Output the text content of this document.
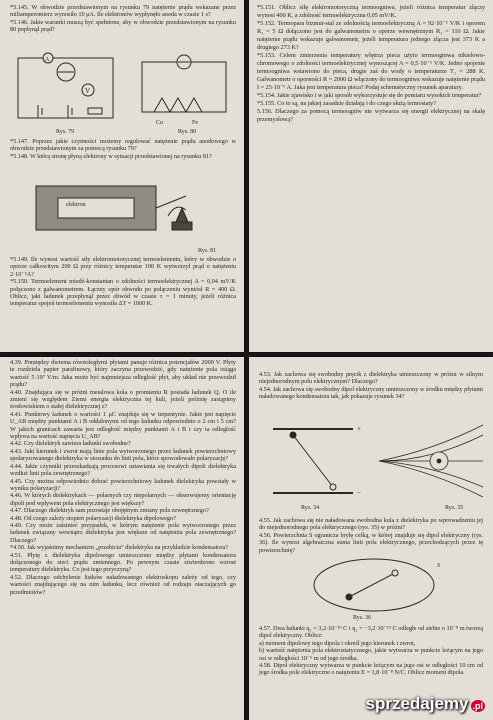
*5.145. W obwodzie przedstawionym na rysunku 79 natężenie prądu wskazane przez miliamperomierz wynosiło 10 μA. Ile elektronów wypłynęło anoda w czasie 1 s?

*5.146. Jakie warunki muszą być spełnione, aby w obwodzie przedstawionym na rysunku 80 popłynął prąd?

V
A
Rys. 79
Cu	Fe
Rys. 80

*5.147. Poprzez jakie czynności możemy regulować natężenie prądu anodowego w obwodzie przedstawionym za pomocą rysunku 79?

*5.148. W którą stronę płyną elektrony w sytuacji przedstawionej na rysunku 81?

elektron
Rys. 81

*5.149. Ile wynosi wartość siły elektromotorycznej termoelementu, który w obwodzie o oporze całkowitym 200 Ω przy różnicy temperatur 100 K wytworzył prąd o natężeniu 2·10⁻⁵A?

*5.150. Termoelement miedź-konstantan o zdolności termoelektrycznej A = 0,04 mV/K połączono z galwanometrem. Łączny opór obwodu po połączeniu wyniósł R = 400 Ω. Oblicz, jaki ładunek przepłynął przez obwód w czasie τ = 1 minuty, jeżeli różnica temperatur spojeń termoelementu wynosiła ΔT = 1000 K.

*5.151. Oblicz siłę elektromotoryczną termoogniwa, jeżeli różnica temperatur złączy wynosi 400 K, a zdolność termoelektryczna 0,05 mV/K.

*5.152. Termopara bizmut-stal ze zdolnością termoelektryczną A = 92·10⁻⁶ V/K i oporem R₁ = 5 Ω dołączono jest do galwanometru o oporze wewnętrznym R₂ = 110 Ω. Jakie natężenie prądu wskazuje galwanometr, jeżeli temperatura jednego złącza jest 373 K a drugiego 273 K?

*5.153. Celem zmierzenia temperatury wlętrza pieca użyto termoogniwa nikielowo-chromowego o zdolności termoelektrycznej wynoszącej A = 0,5·10⁻⁶ V/K. Jedno spojenie termoogniwa wstawiono do pieca, drugie zaś do wody o temperaturze T₂ = 288 K. Galwanometr o oporności R = 2000 Ω włączony do termoogniwa wskazuje natężenie prądu I = 25·10⁻⁶ A. Jaka jest temperatura pieca? Podaj schematyczny rysunek aparatury.

*5.154. Jakie zjawisko i w jaki sposób wykorzystuje się do pomiaru wysokich temperatur?

*5.155. Co to są, na jakiej zasadzie działają i do czego służą termostaty?

5.156. Dlaczego za pomocą termoogniw nie wytwarza się energii elektrycznej na skalę przemysłową?

4.39. Pomiędzy dwiema równoległymi płytami panuje różnica potencjałów 2000 V. Płyty te rozdziela papier parafinowy, który zaczyna przewodzić, gdy natężenie pola osiąga wartość 5·10⁷ V/m. Jaka może być najmniejsza odległość płyt, aby układ nie przewodził prądu?

4.40. Znajdująca się w próżni metalowa kula o promieniu R posiada ładunek Q. O ile zmieni się względem Ziemi energia elektryczna tej kuli, jeżeli próżnię zastąpimy środowiskiem o stałej dielektrycznej ε?

4.41. Punktowy ładunek o wartości 1 μC znajduje się w terpentynie. Jakie jest napięcie U_AB między punktami A i B oddalonymi od tego ładunku odpowiednio o 2 cm i 5 cm? W jakich granicach zawarta jest odległość między punktami A i B i czy ta odległość wpływa na wartość napięcia U_AB?

4.42. Czy dielektryk zawiera ładunki swobodne?

4.43. Jaki kierunek i zwrot mają linie pola wytworzonego przez ładunek powierzchniowy spolaryzowanego dielektryka w stosunku do linii pola, które spowodowało polaryzację?

4.44. Jakie czynniki przeszkadzają procesowi ustawiania się trwałych dipoli dielektryka wzdłuż linii pola zewnętrznego?

4.45. Czy można odpowiednio dobrać powierzchniowy ładunek dielektryka powstały w wyniku polaryzacji?

4.46. W których dielektrykach — polarnych czy niepolarnych — obserwujemy orientację dipoli pod wpływem pola elektrycznego jest większy?

4.47. Dlaczego dielektryk sam pozostaje obojętnym zmiany pola zewnętrznego?

4.48. Od czego zależy stopień polaryzacji dielektryka dipolowego?

4.49. Czy może zaistnieć przypadek, w którym natężenie pola wytworzonego przez ładunek związany wewnątrz dielektryka jest większe od natężenia pola zewnętrznego? Dlaczego?

*4.50. Jak wyjaśnimy mechanizm „przebicia” dielektryka na przykładzie kondensatora?

4.51. Płytę z dielektryka dipolowego umieszczono między płytami kondensatora dołączonego do sieci prądu zmiennego. Po pewnym czasie stwierdzono wzrost temperatury dielektryka. Co jest tego przyczyną?

4.52. Dlaczego odchylenie listków naładowanego elektroskopu zależy od tego, czy wartości znajdującego się na nim ładunku, lecz również od rodzaju otaczających go przedmiotów?

4.53. Jak zachowa się swobodny pręcik z dielektryka umieszczony w próżni w silnym niejednorodnym polu elektrycznym? Dlaczego?

4.54. Jak zachowa się swobodny dipol elektryczny umieszczony w środku między płytami naładowanego kondensatora tak, jak pokazuje rysunek 34?

+
−
Rys. 34	Rys. 35

4.55. Jak zachowa się nie naładowana swobodna kula z dielektryka po wprowadzeniu jej do niejednorodnego pola elektrycznego (rys. 35) w próżni?

4.56. Powierzchnia S ogranicza bryłę celką, w której znajduje się dipol elektryczny (rys. 36). Ile wynosi algebraiczna suma linii pola elektrycznego, przechodzących przez tę powierzchnię?

S
Rys. 36

4.57. Dwa ładunki q₁ = 3,2·10⁻¹⁹ C i q₂ = −3,2·10⁻¹⁹ C odległe od siebie o 10⁻⁸ m tworzą dipol elektryczny. Oblicz:

a) moment dipolowy tego dipola i określ jego kierunek i zwrot,

b) wartość natężenia pola elektrostatycznego, jakie wytwarza w punkcie leżącym na jego osi w odległości 10⁻⁶ m od jego środka.

4.58. Dipol elektryczny wytwarza w punkcie leżącym na jego osi w odległości 10 cm od jego środka pole elektryczne o natężeniu E = 1,8·10⁻⁸ N/C. Oblicz moment dipola.

sprzedajemy .pl
